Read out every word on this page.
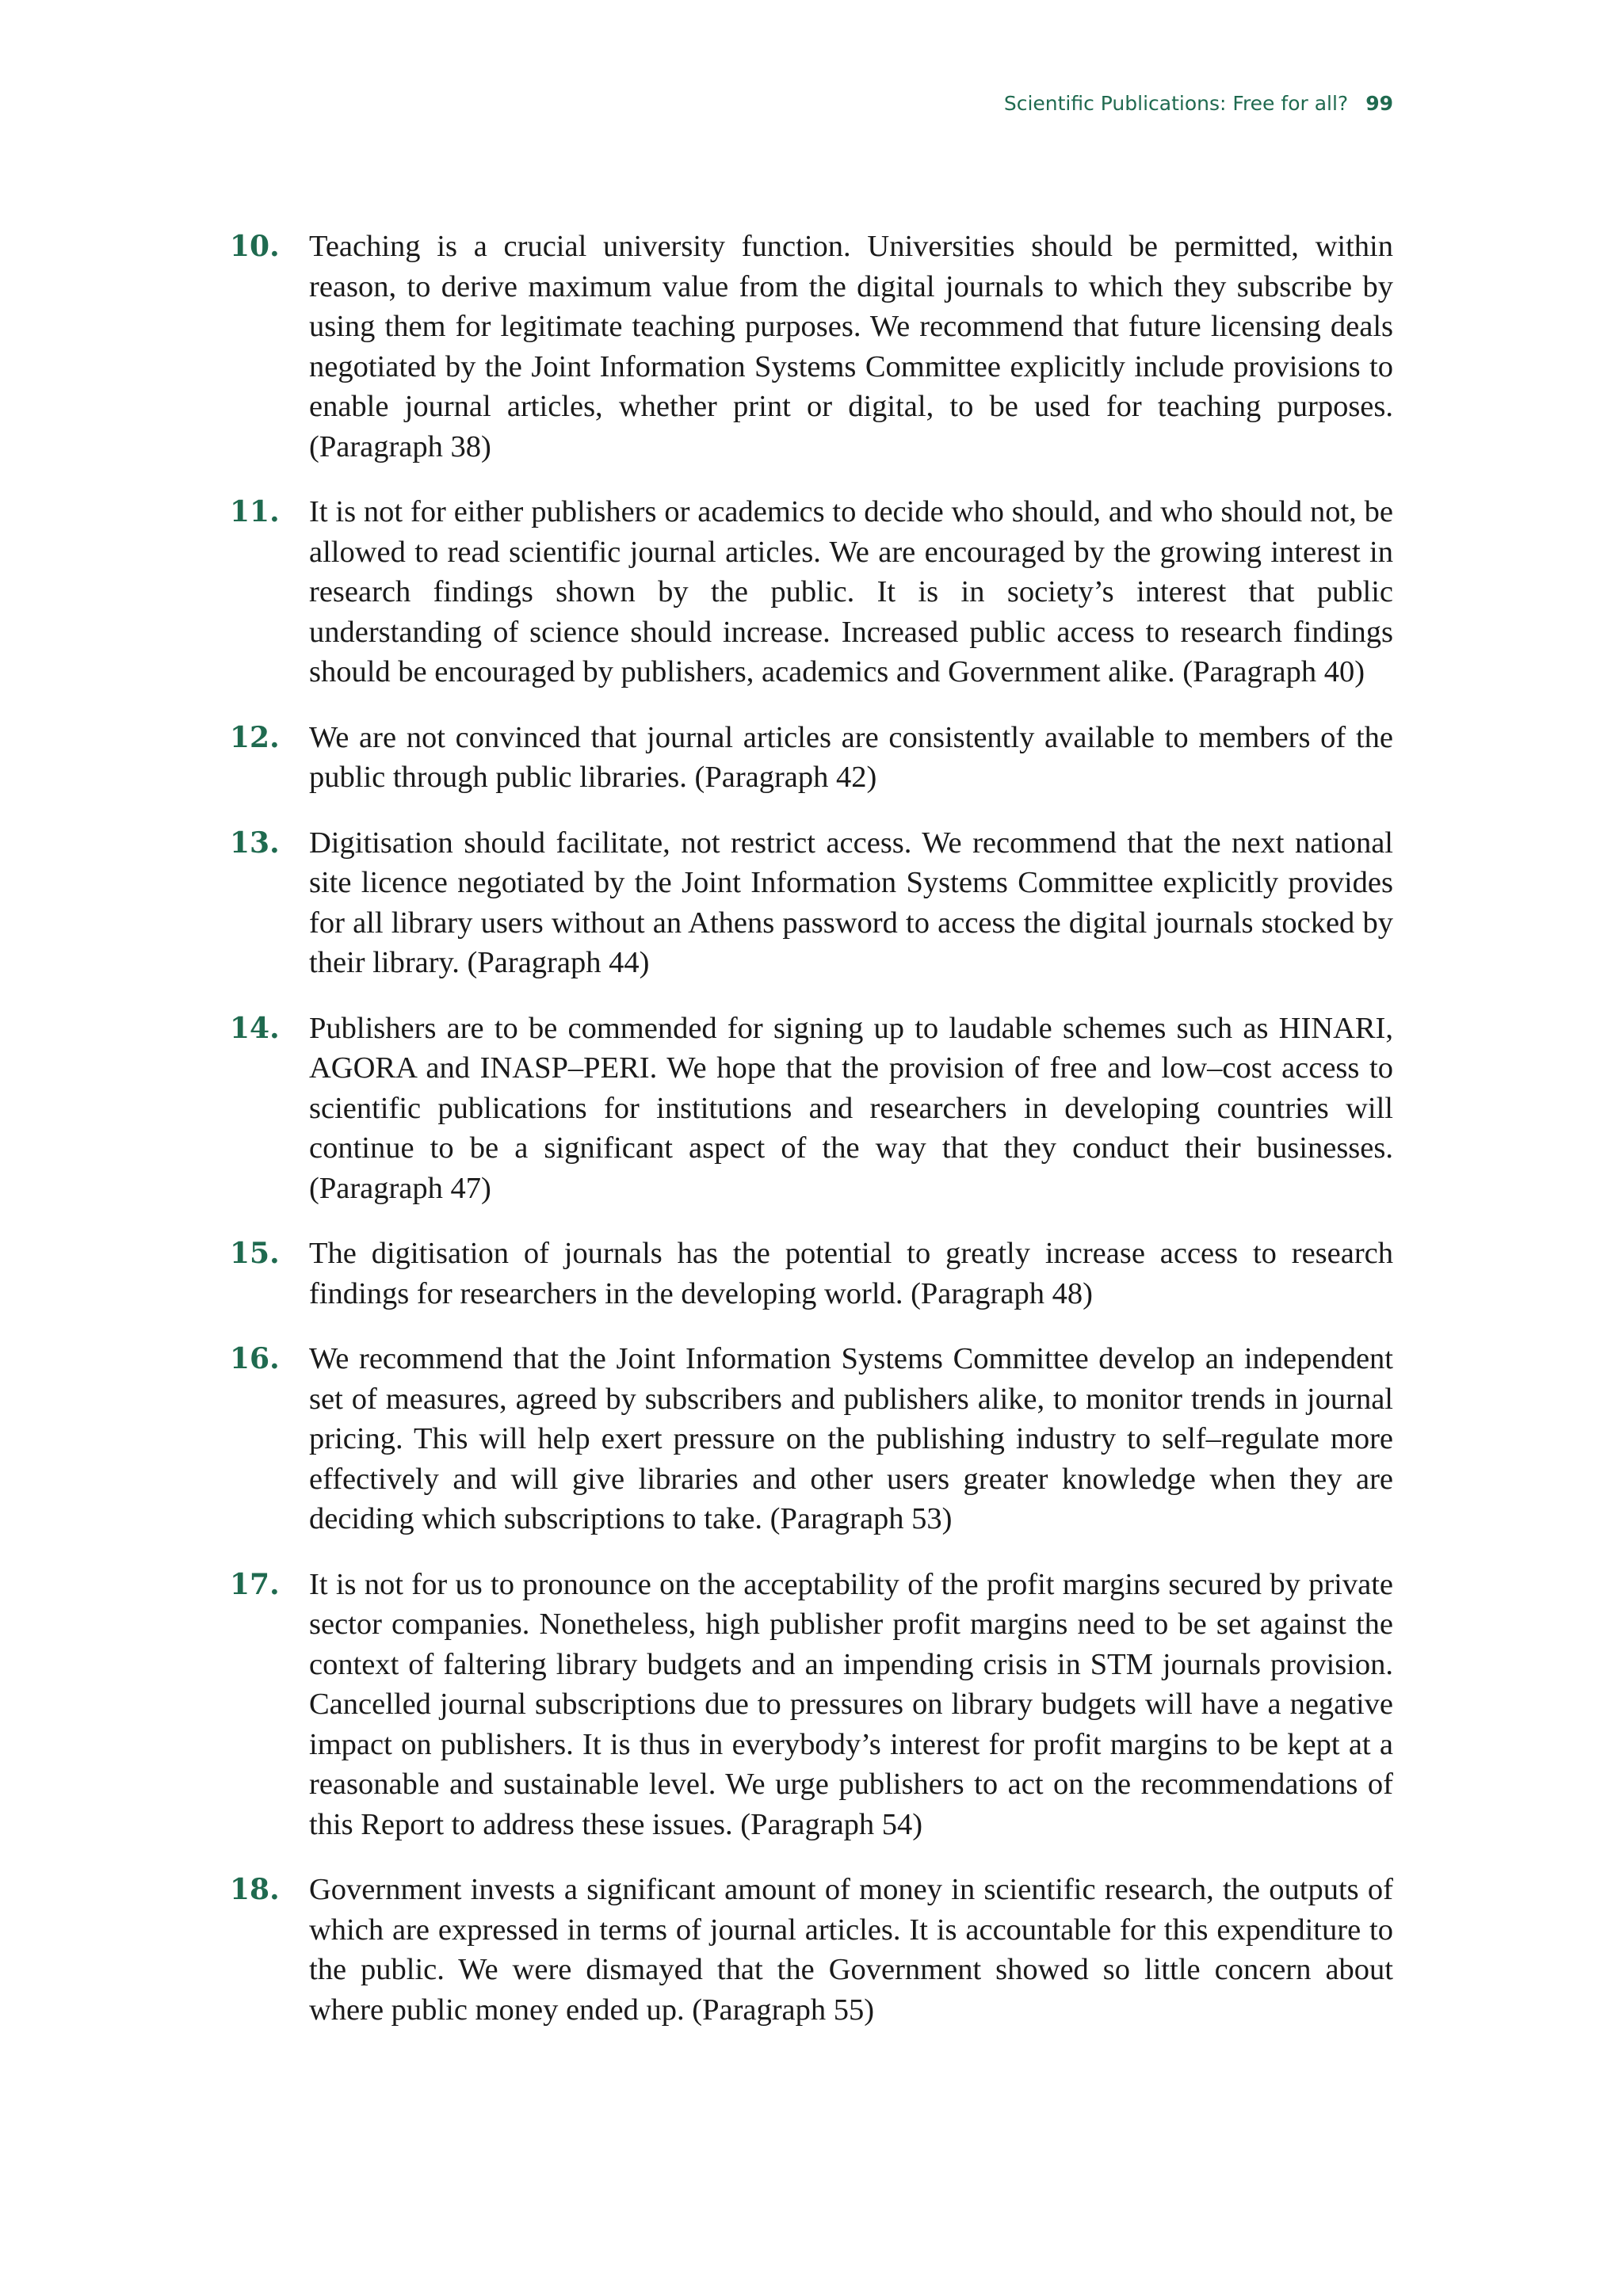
Scientific Publications: Free for all? 99
10. Teaching is a crucial university function. Universities should be permitted, within reason, to derive maximum value from the digital journals to which they subscribe by using them for legitimate teaching purposes. We recommend that future licensing deals negotiated by the Joint Information Systems Committee explicitly include provisions to enable journal articles, whether print or digital, to be used for teaching purposes. (Paragraph 38)
11. It is not for either publishers or academics to decide who should, and who should not, be allowed to read scientific journal articles. We are encouraged by the growing interest in research findings shown by the public. It is in society’s interest that public understanding of science should increase. Increased public access to research findings should be encouraged by publishers, academics and Government alike. (Paragraph 40)
12. We are not convinced that journal articles are consistently available to members of the public through public libraries. (Paragraph 42)
13. Digitisation should facilitate, not restrict access. We recommend that the next national site licence negotiated by the Joint Information Systems Committee explicitly provides for all library users without an Athens password to access the digital journals stocked by their library. (Paragraph 44)
14. Publishers are to be commended for signing up to laudable schemes such as HINARI, AGORA and INASP–PERI. We hope that the provision of free and low–cost access to scientific publications for institutions and researchers in developing countries will continue to be a significant aspect of the way that they conduct their businesses. (Paragraph 47)
15. The digitisation of journals has the potential to greatly increase access to research findings for researchers in the developing world. (Paragraph 48)
16. We recommend that the Joint Information Systems Committee develop an independent set of measures, agreed by subscribers and publishers alike, to monitor trends in journal pricing. This will help exert pressure on the publishing industry to self–regulate more effectively and will give libraries and other users greater knowledge when they are deciding which subscriptions to take. (Paragraph 53)
17. It is not for us to pronounce on the acceptability of the profit margins secured by private sector companies. Nonetheless, high publisher profit margins need to be set against the context of faltering library budgets and an impending crisis in STM journals provision. Cancelled journal subscriptions due to pressures on library budgets will have a negative impact on publishers. It is thus in everybody’s interest for profit margins to be kept at a reasonable and sustainable level. We urge publishers to act on the recommendations of this Report to address these issues. (Paragraph 54)
18. Government invests a significant amount of money in scientific research, the outputs of which are expressed in terms of journal articles. It is accountable for this expenditure to the public. We were dismayed that the Government showed so little concern about where public money ended up. (Paragraph 55)
